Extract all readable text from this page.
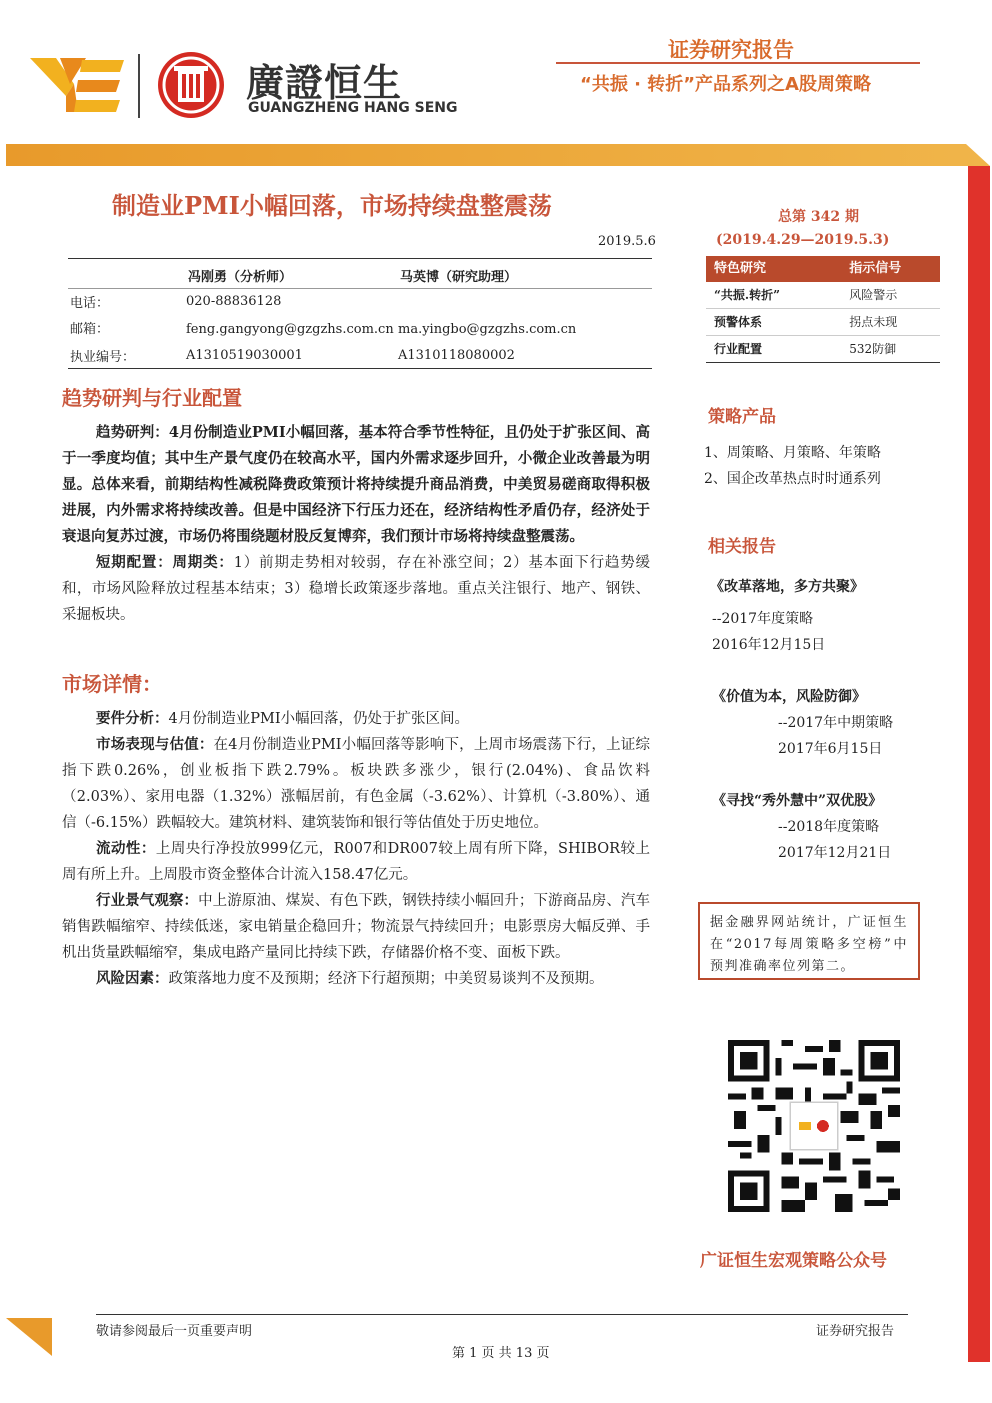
廣證恒生
GUANGZHENG HANG SENG
证券研究报告
“共振 · 转折”产品系列之A股周策略
制造业PMI小幅回落，市场持续盘整震荡
2019.5.6
冯刚勇（分析师）	马英博（研究助理）
电话：	020-88836128
邮箱：	feng.gangyong@gzgzhs.com.cn ma.yingbo@gzgzhs.com.cn
执业编号：	A1310519030001	A1310118080002
趋势研判与行业配置

趋势研判：4月份制造业PMI小幅回落，基本符合季节性特征，且仍处于扩张区间、高于一季度均值；其中生产景气度仍在较高水平，国内外需求逐步回升，小微企业改善最为明显。总体来看，前期结构性减税降费政策预计将持续提升商品消费，中美贸易磋商取得积极进展，内外需求将持续改善。但是中国经济下行压力还在，经济结构性矛盾仍存，经济处于衰退向复苏过渡，市场仍将围绕题材股反复博弈，我们预计市场将持续盘整震荡。

短期配置：周期类：1）前期走势相对较弱，存在补涨空间；2）基本面下行趋势缓和，市场风险释放过程基本结束；3）稳增长政策逐步落地。重点关注银行、地产、钢铁、采掘板块。

市场详情：

要件分析：4月份制造业PMI小幅回落，仍处于扩张区间。

市场表现与估值：在4月份制造业PMI小幅回落等影响下，上周市场震荡下行，上证综指下跌0.26%，创业板指下跌2.79%。板块跌多涨少，银行(2.04%)、食品饮料（2.03%）、家用电器（1.32%）涨幅居前，有色金属（-3.62%）、计算机（-3.80%）、通信（-6.15%）跌幅较大。建筑材料、建筑装饰和银行等估值处于历史地位。

流动性：上周央行净投放999亿元，R007和DR007较上周有所下降，SHIBOR较上周有所上升。上周股市资金整体合计流入158.47亿元。

行业景气观察：中上游原油、煤炭、有色下跌，钢铁持续小幅回升；下游商品房、汽车销售跌幅缩窄、持续低迷，家电销量企稳回升；物流景气持续回升；电影票房大幅反弹、手机出货量跌幅缩窄，集成电路产量同比持续下跌，存储器价格不变、面板下跌。

风险因素：政策落地力度不及预期；经济下行超预期；中美贸易谈判不及预期。

总第 342 期
(2019.4.29—2019.5.3)
特色研究	指示信号
“共振.转折”	风险警示
预警体系	拐点未现
行业配置	532防御
策略产品
1、周策略、月策略、年策略
2、国企改革热点时时通系列
相关报告
《改革落地，多方共聚》
--2017年度策略
2016年12月15日
《价值为本，风险防御》
--2017年中期策略
2017年6月15日
《寻找“秀外慧中”双优股》
--2018年度策略
2017年12月21日
据金融界网站统计，广证恒生在“2017每周策略多空榜”中预判准确率位列第二。
广证恒生宏观策略公众号
敬请参阅最后一页重要声明	证券研究报告
第 1 页 共 13 页
